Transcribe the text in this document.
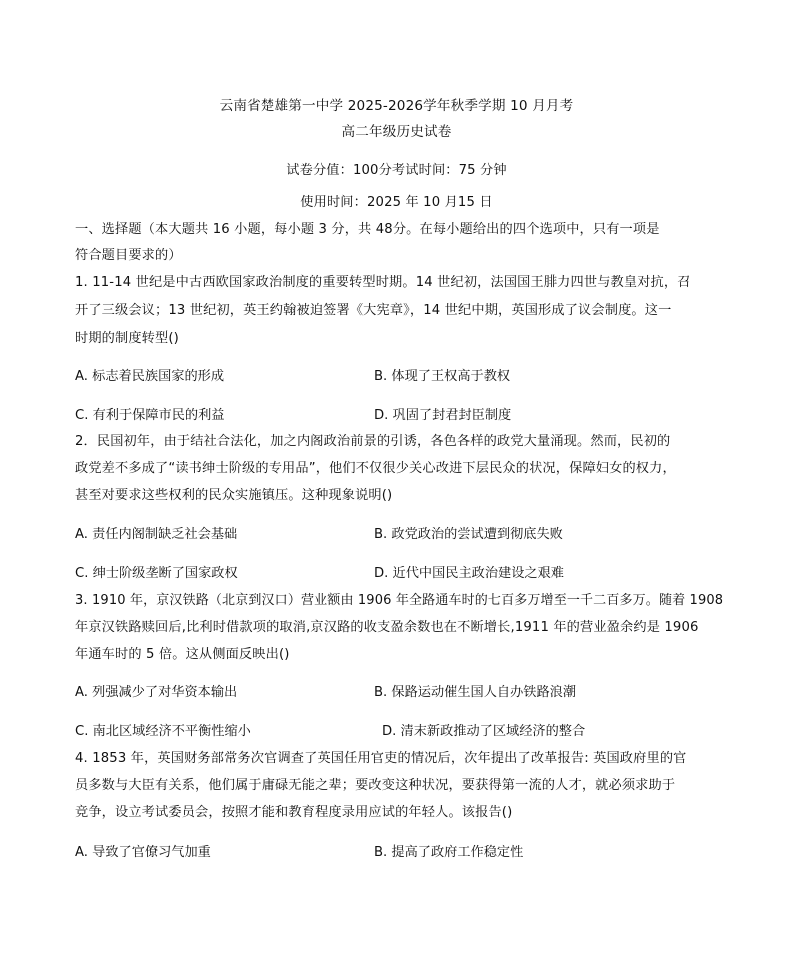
云南省楚雄第一中学 2025-2026学年秋季学期 10 月月考
高二年级历史试卷
试卷分值：100分考试时间：75 分钟
使用时间：2025 年 10 月15 日
一、选择题（本大题共 16 小题，每小题 3 分，共 48分。在每小题给出的四个选项中，只有一项是
符合题目要求的）
1. 11-14 世纪是中古西欧国家政治制度的重要转型时期。14 世纪初，法国国王腓力四世与教皇对抗，召
开了三级会议；13 世纪初，英王约翰被迫签署《大宪章》，14 世纪中期，英国形成了议会制度。这一
时期的制度转型()
A. 标志着民族国家的形成	B. 体现了王权高于教权
C. 有利于保障市民的利益	D. 巩固了封君封臣制度
2．民国初年，由于结社合法化，加之内阁政治前景的引诱，各色各样的政党大量涌现。然而，民初的
政党差不多成了“读书绅士阶级的专用品”，他们不仅很少关心改进下层民众的状况，保障妇女的权力，
甚至对要求这些权利的民众实施镇压。这种现象说明()
A. 责任内阁制缺乏社会基础	B. 政党政治的尝试遭到彻底失败
C. 绅士阶级垄断了国家政权	D. 近代中国民主政治建设之艰难
3. 1910 年，京汉铁路（北京到汉口）营业额由 1906 年全路通车时的七百多万增至一千二百多万。随着 1908
年京汉铁路赎回后,比利时借款项的取消,京汉路的收支盈余数也在不断增长,1911 年的营业盈余约是 1906
年通车时的 5 倍。这从侧面反映出()
A. 列强减少了对华资本输出	B. 保路运动催生国人自办铁路浪潮
C. 南北区域经济不平衡性缩小	D. 清末新政推动了区域经济的整合
4. 1853 年，英国财务部常务次官调查了英国任用官吏的情况后，次年提出了改革报告: 英国政府里的官
员多数与大臣有关系，他们属于庸碌无能之辈；要改变这种状况，要获得第一流的人才，就必须求助于
竞争，设立考试委员会，按照才能和教育程度录用应试的年轻人。该报告()
A. 导致了官僚习气加重	B. 提高了政府工作稳定性
